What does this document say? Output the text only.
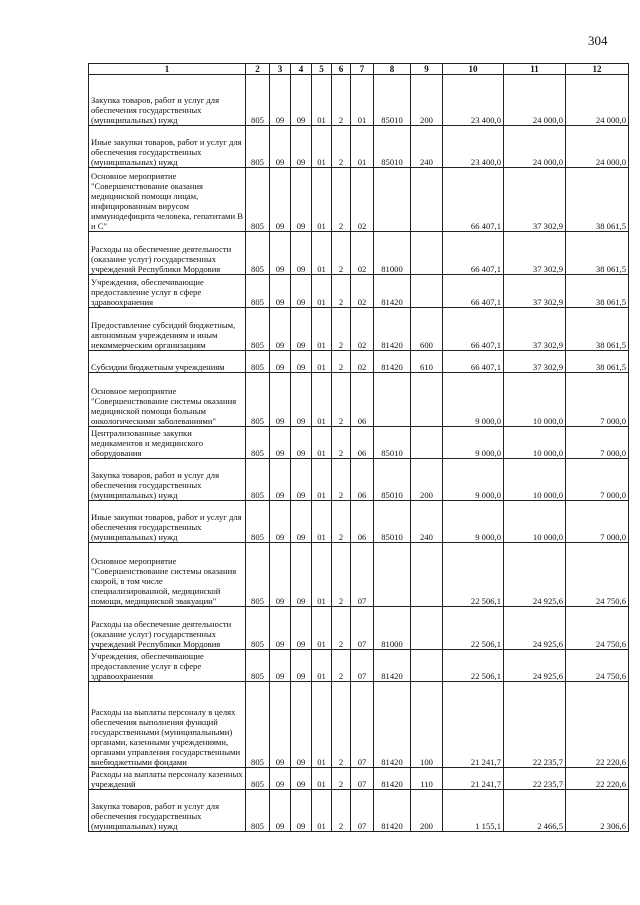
304
1	2	3	4	5	6	7	8	9	10	11	12
Закупка товаров, работ и услуг для обеспечения государственных (муниципальных) нужд	805	09	09	01	2	01	85010	200	23 400,0	24 000,0	24 000,0
Иные закупки товаров, работ и услуг для обеспечения государственных (муниципальных) нужд	805	09	09	01	2	01	85010	240	23 400,0	24 000,0	24 000,0
Основное мероприятие "Совершенствование оказания медицинской помощи лицам, инфицированным вирусом иммунодефицита человека, гепатитами В и С"	805	09	09	01	2	02			66 407,1	37 302,9	38 061,5
Расходы на обеспечение деятельности (оказание услуг) государственных учреждений Республики Мордовия	805	09	09	01	2	02	81000		66 407,1	37 302,9	38 061,5
Учреждения, обеспечивающие предоставление услуг в сфере здравоохранения	805	09	09	01	2	02	81420		66 407,1	37 302,9	38 061,5
Предоставление субсидий бюджетным, автономным учреждениям и иным некоммерческим организациям	805	09	09	01	2	02	81420	600	66 407,1	37 302,9	38 061,5
Субсидии бюджетным учреждениям	805	09	09	01	2	02	81420	610	66 407,1	37 302,9	38 061,5
Основное мероприятие "Совершенствование системы оказания медицинской помощи больным онкологическими заболеваниями"	805	09	09	01	2	06			9 000,0	10 000,0	7 000,0
Централизованные закупки медикаментов и медицинского оборудования	805	09	09	01	2	06	85010		9 000,0	10 000,0	7 000,0
Закупка товаров, работ и услуг для обеспечения государственных (муниципальных) нужд	805	09	09	01	2	06	85010	200	9 000,0	10 000,0	7 000,0
Иные закупки товаров, работ и услуг для обеспечения государственных (муниципальных) нужд	805	09	09	01	2	06	85010	240	9 000,0	10 000,0	7 000,0
Основное мероприятие "Совершенствование системы оказания скорой, в том числе специализированной, медицинской помощи, медицинской эвакуации"	805	09	09	01	2	07			22 506,1	24 925,6	24 750,6
Расходы на обеспечение деятельности (оказание услуг) государственных учреждений Республики Мордовия	805	09	09	01	2	07	81000		22 506,1	24 925,6	24 750,6
Учреждения, обеспечивающие предоставление услуг в сфере здравоохранения	805	09	09	01	2	07	81420		22 506,1	24 925,6	24 750,6
Расходы на выплаты персоналу в целях обеспечения выполнения функций государственными (муниципальными) органами, казенными учреждениями, органами управления государственными внебюджетными фондами	805	09	09	01	2	07	81420	100	21 241,7	22 235,7	22 220,6
Расходы на выплаты персоналу казенных учреждений	805	09	09	01	2	07	81420	110	21 241,7	22 235,7	22 220,6
Закупка товаров, работ и услуг для обеспечения государственных (муниципальных) нужд	805	09	09	01	2	07	81420	200	1 155,1	2 466,5	2 306,6
